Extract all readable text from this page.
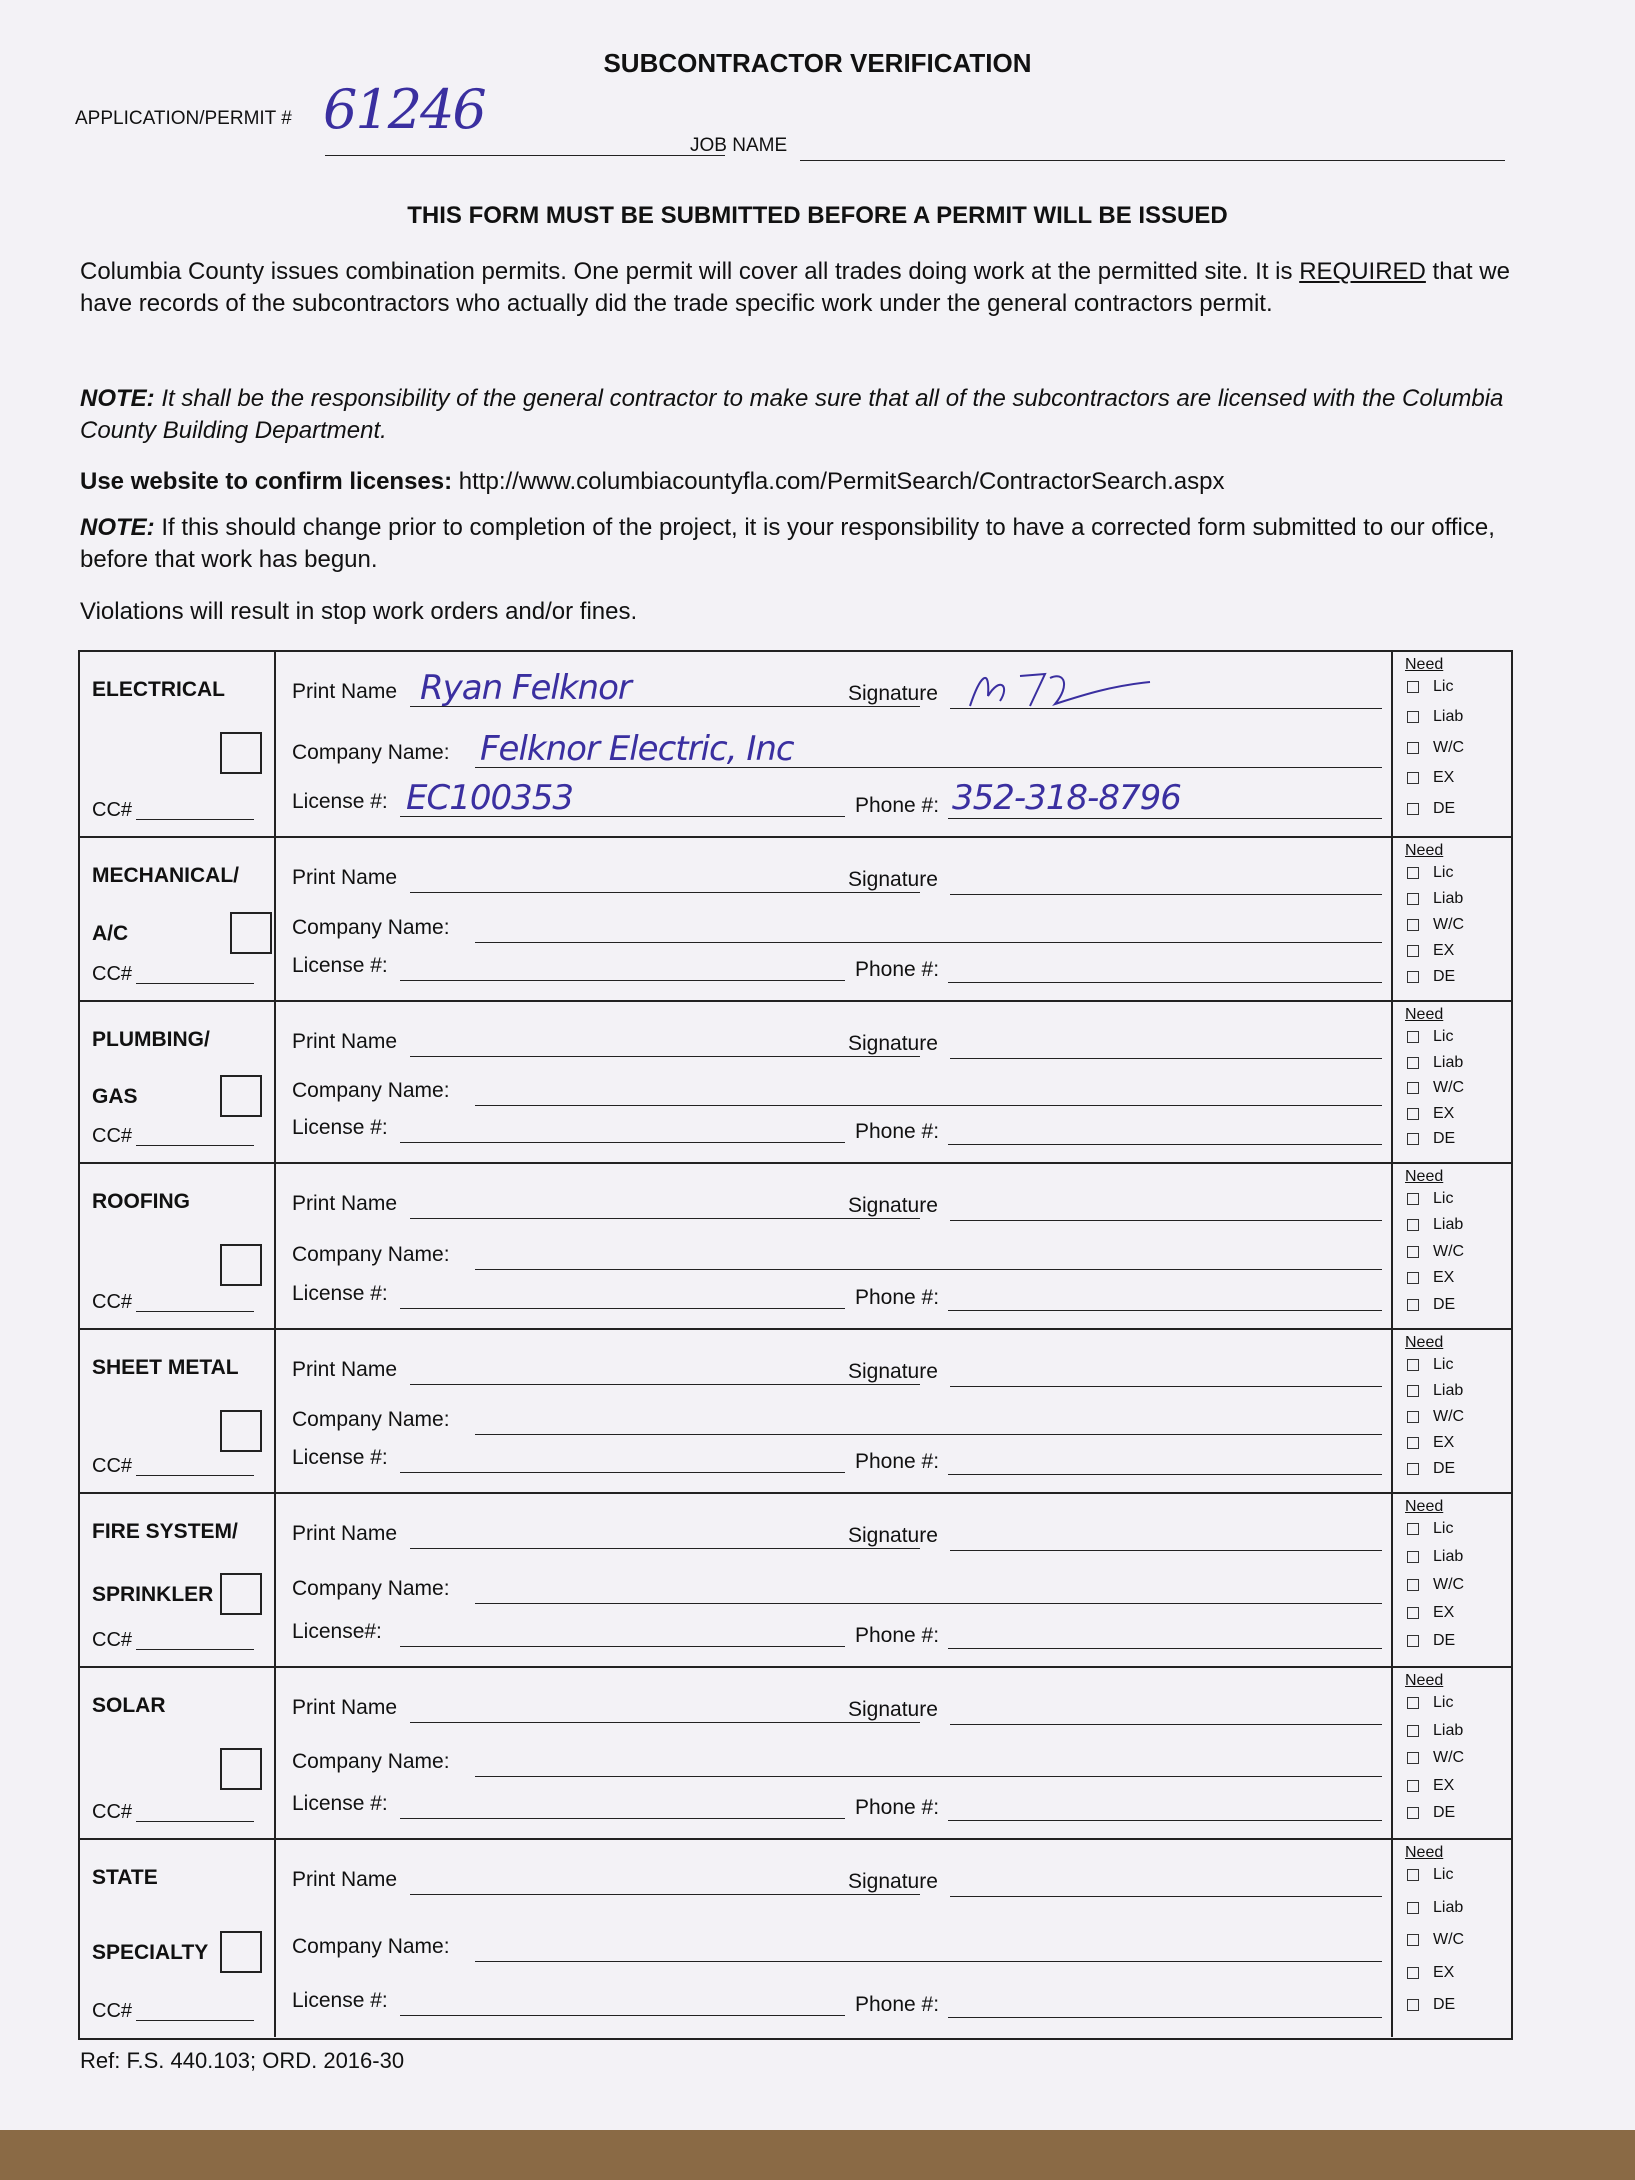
SUBCONTRACTOR VERIFICATION
APPLICATION/PERMIT # 61246
JOB NAME
THIS FORM MUST BE SUBMITTED BEFORE A PERMIT WILL BE ISSUED
Columbia County issues combination permits. One permit will cover all trades doing work at the permitted site. It is REQUIRED that we have records of the subcontractors who actually did the trade specific work under the general contractors permit.
NOTE: It shall be the responsibility of the general contractor to make sure that all of the subcontractors are licensed with the Columbia County Building Department.
Use website to confirm licenses: http://www.columbiacountyfla.com/PermitSearch/ContractorSearch.aspx
NOTE: If this should change prior to completion of the project, it is your responsibility to have a corrected form submitted to our office, before that work has begun.
Violations will result in stop work orders and/or fines.
ELECTRICAL
CC#
Print Name Ryan Felknor	Signature
Company Name: Felknor Electric, Inc
License #: EC100353	Phone #: 352-318-8796
Need
Lic
Liab
W/C
EX
DE
MECHANICAL/
A/C
CC#
Print Name	Signature
Company Name:
License #:	Phone #:
Need
Lic
Liab
W/C
EX
DE
PLUMBING/
GAS
CC#
Print Name	Signature
Company Name:
License #:	Phone #:
Need
Lic
Liab
W/C
EX
DE
ROOFING
CC#
Print Name	Signature
Company Name:
License #:	Phone #:
Need
Lic
Liab
W/C
EX
DE
SHEET METAL
CC#
Print Name	Signature
Company Name:
License #:	Phone #:
Need
Lic
Liab
W/C
EX
DE
FIRE SYSTEM/
SPRINKLER
CC#
Print Name	Signature
Company Name:
License#:	Phone #:
Need
Lic
Liab
W/C
EX
DE
SOLAR
CC#
Print Name	Signature
Company Name:
License #:	Phone #:
Need
Lic
Liab
W/C
EX
DE
STATE
SPECIALTY
CC#
Print Name	Signature
Company Name:
License #:	Phone #:
Need
Lic
Liab
W/C
EX
DE
Ref: F.S. 440.103; ORD. 2016-30
